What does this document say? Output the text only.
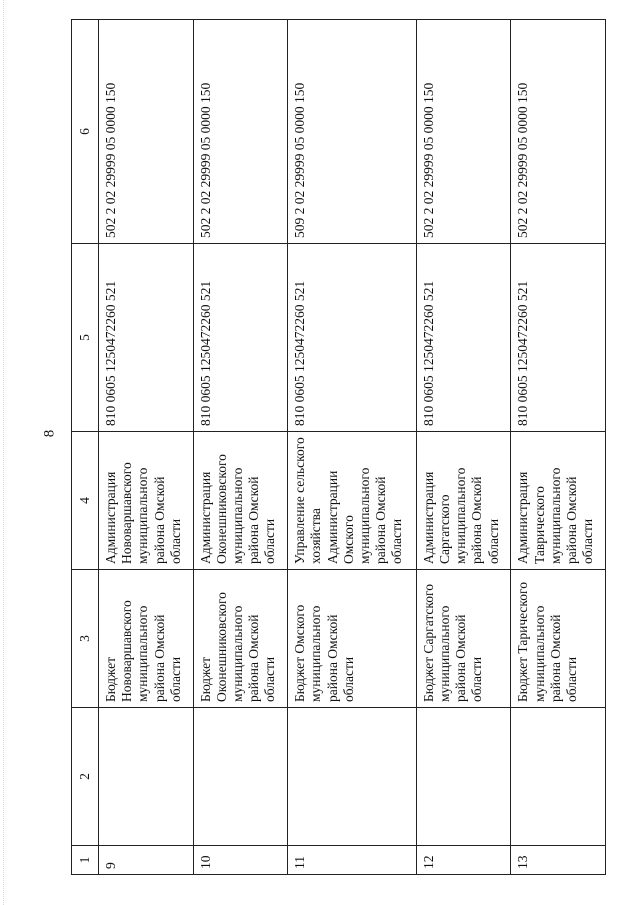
8
1	2	3	4	5	6
9		Бюджет Нововаршавского муниципального района Омской области	Администрация Нововаршавского муниципального района Омской области	810 0605 1250472260 521	502 2 02 29999 05 0000 150
10		Бюджет Оконешниковского муниципального района Омской области	Администрация Оконешниковского муниципального района Омской области	810 0605 1250472260 521	502 2 02 29999 05 0000 150
11		Бюджет Омского муниципального района Омской области	Управление сельского хозяйства Администрации Омского муниципального района Омской области	810 0605 1250472260 521	509 2 02 29999 05 0000 150
12		Бюджет Саргатского муниципального района Омской области	Администрация Саргатского муниципального района Омской области	810 0605 1250472260 521	502 2 02 29999 05 0000 150
13		Бюджет Тарического муниципального района Омской области	Администрация Таврического муниципального района Омской области	810 0605 1250472260 521	502 2 02 29999 05 0000 150
